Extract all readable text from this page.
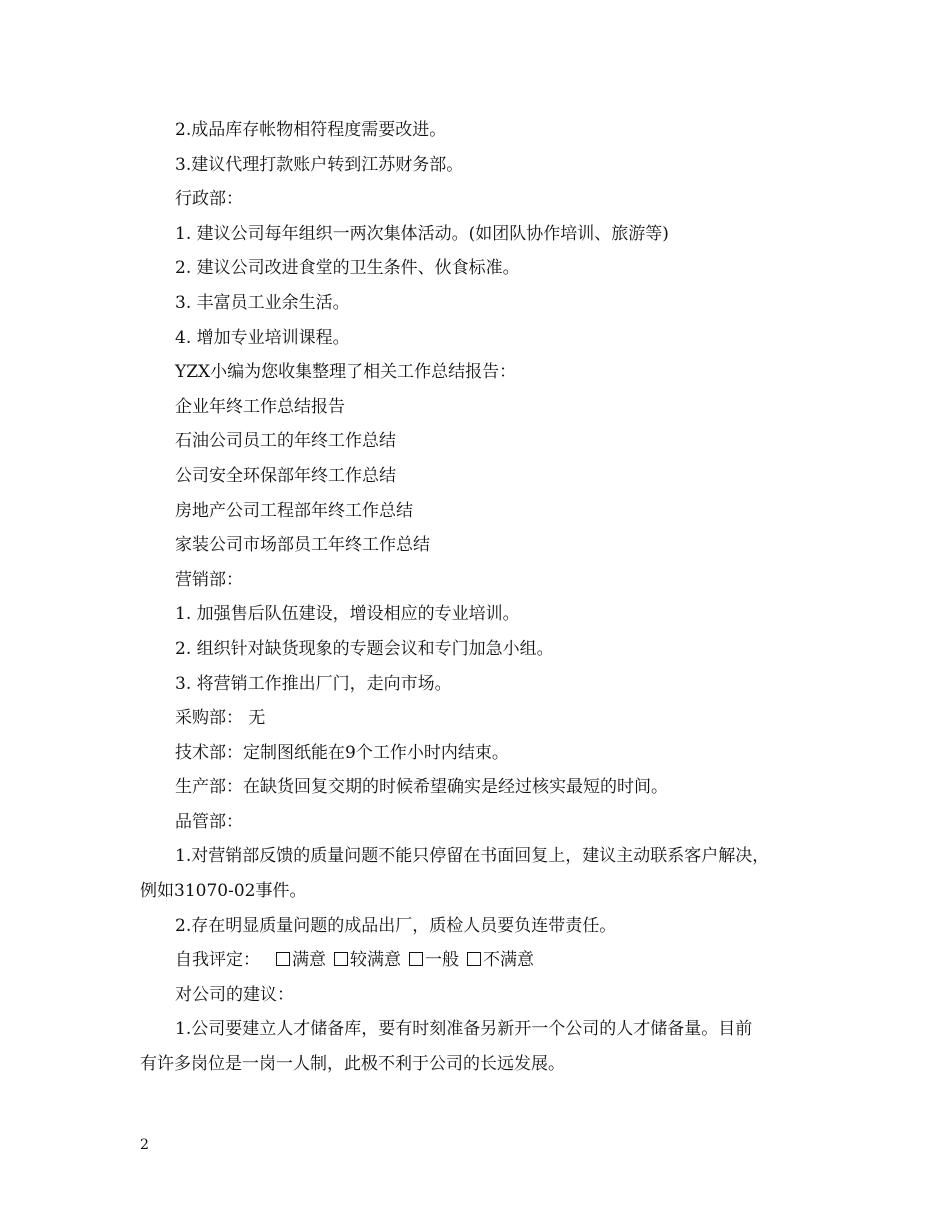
2.成品库存帐物相符程度需要改进。
3.建议代理打款账户转到江苏财务部。
行政部：
1. 建议公司每年组织一两次集体活动。(如团队协作培训、旅游等)
2. 建议公司改进食堂的卫生条件、伙食标准。
3. 丰富员工业余生活。
4. 增加专业培训课程。
YZX小编为您收集整理了相关工作总结报告：
企业年终工作总结报告
石油公司员工的年终工作总结
公司安全环保部年终工作总结
房地产公司工程部年终工作总结
家装公司市场部员工年终工作总结
营销部：
1. 加强售后队伍建设，增设相应的专业培训。
2. 组织针对缺货现象的专题会议和专门加急小组。
3. 将营销工作推出厂门，走向市场。
采购部： 无
技术部：定制图纸能在9个工作小时内结束。
生产部：在缺货回复交期的时候希望确实是经过核实最短的时间。
品管部：
1.对营销部反馈的质量问题不能只停留在书面回复上，建议主动联系客户解决，
例如31070-02事件。
2.存在明显质量问题的成品出厂，质检人员要负连带责任。
自我评定： 满意 较满意 一般 不满意
对公司的建议：
1.公司要建立人才储备库，要有时刻准备另新开一个公司的人才储备量。目前
有许多岗位是一岗一人制，此极不利于公司的长远发展。
2
